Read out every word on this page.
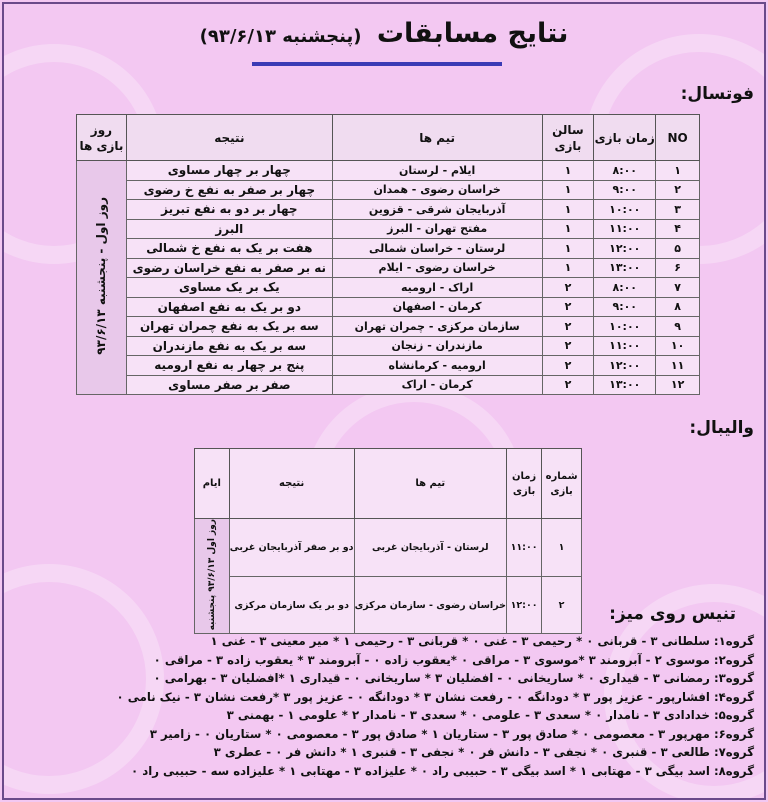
نتایج مسابقات (پنجشنبه ۹۳/۶/۱۳)
فوتسال:
NO	زمان بازی	سالن بازی	تیم ها	نتیجه	روز بازی ها
۱	۸:۰۰	۱	ایلام - لرستان	چهار بر چهار مساوی	روز اول - پنجشنبه ۹۳/۶/۱۳
۲	۹:۰۰	۱	خراسان رضوی - همدان	چهار بر صفر به نفع خ رضوی	
۳	۱۰:۰۰	۱	آذربایجان شرقی - قزوین	چهار بر دو به نفع تبریز	
۴	۱۱:۰۰	۱	مفتح تهران - البرز	البرز	
۵	۱۲:۰۰	۱	لرستان - خراسان شمالی	هفت بر یک به نفع خ شمالی	
۶	۱۳:۰۰	۱	خراسان رضوی - ایلام	نه بر صفر به نفع خراسان رضوی	
۷	۸:۰۰	۲	اراک - ارومیه	یک بر یک مساوی	
۸	۹:۰۰	۲	کرمان - اصفهان	دو بر یک به نفع اصفهان	
۹	۱۰:۰۰	۲	سازمان مرکزی - چمران تهران	سه بر یک به نفع چمران تهران	
۱۰	۱۱:۰۰	۲	مازندران - زنجان	سه بر یک به نفع مازندران	
۱۱	۱۲:۰۰	۲	ارومیه - کرمانشاه	پنج بر چهار به نفع ارومیه	
۱۲	۱۳:۰۰	۲	کرمان - اراک	صفر بر صفر مساوی	
والیبال:
شماره بازی	زمان بازی	تیم ها	نتیجه	ایام
۱	۱۱:۰۰	لرستان - آذربایجان غربی	دو بر صفر آذربایجان غربی	روز اول ۹۳/۶/۱۳ پنجشنبه
۲	۱۲:۰۰	خراسان رضوی - سازمان مرکزی	دو بر یک سازمان مرکزی		تنیس روی میز:
گروه۱: سلطانی ۳ - قربانی ۰ * رحیمی ۳ - غنی ۰ * قربانی ۳ - رحیمی ۱ * میر معینی ۳ - غنی ۱
گروه۲: موسوی ۲ - آبرومند ۳ *موسوی ۳ - مراقی ۰ *یعقوب زاده ۰ - آبرومند ۳ * یعقوب زاده ۳ - مراقی ۰
گروه۳: رمضانی ۳ - قیداری ۰ * ساریخانی ۰ - افضلیان ۳ * ساریخانی ۰ - قیداری ۱ *افضلیان ۳ - بهرامی ۰
گروه۴: افشارپور - عزیز پور ۳ * دودانگه ۰ - رفعت نشان ۳ * دودانگه ۰ - عزیز پور ۳ *رفعت نشان ۳ - نیک نامی ۰
گروه۵: خدادادی ۳ - نامدار ۰ * سعدی ۳ - علومی ۰ * سعدی ۳ - نامدار ۲ * علومی ۱ - بهمنی ۳
گروه۶: مهرپور ۳ - معصومی ۰ * صادق پور ۳ - ستاریان ۱ * صادق پور ۳ - معصومی ۰ * ستاریان ۰ - زامیر ۳
گروه۷: طالعی ۳ - قنبری ۰ * نجفی ۳ - دانش فر ۰ * نجفی ۳ - قنبری ۱ * دانش فر ۰ - عطری ۳
گروه۸: اسد بیگی ۳ - مهتابی ۱ * اسد بیگی ۳ - حبیبی راد ۰ * علیزاده ۳ - مهتابی ۱ * علیزاده سه - حبیبی راد ۰
